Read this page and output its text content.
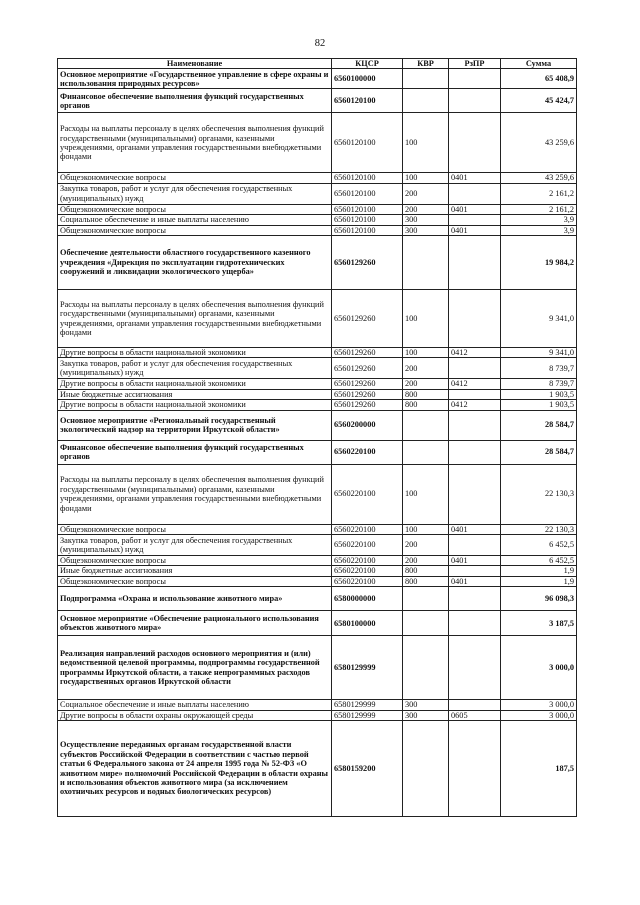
82
Наименование	КЦСР	КВР	РзПР	Сумма
Основное мероприятие «Государственное управление в сфере охраны и использования природных ресурсов»	6560100000			65 408,9
Финансовое обеспечение выполнения функций государственных органов	6560120100			45 424,7
Расходы на выплаты персоналу в целях обеспечения выполнения функций государственными (муниципальными) органами, казенными учреждениями, органами управления государственными внебюджетными фондами	6560120100	100		43 259,6
Общеэкономические вопросы	6560120100	100	0401	43 259,6
Закупка товаров, работ и услуг для обеспечения государственных (муниципальных) нужд	6560120100	200		2 161,2
Общеэкономические вопросы	6560120100	200	0401	2 161,2
Социальное обеспечение и иные выплаты населению	6560120100	300		3,9
Общеэкономические вопросы	6560120100	300	0401	3,9
Обеспечение деятельности областного государственного казенного учреждения «Дирекция по эксплуатации гидротехнических сооружений и ликвидации экологического ущерба»	6560129260			19 984,2
Расходы на выплаты персоналу в целях обеспечения выполнения функций государственными (муниципальными) органами, казенными учреждениями, органами управления государственными внебюджетными фондами	6560129260	100		9 341,0
Другие вопросы в области национальной экономики	6560129260	100	0412	9 341,0
Закупка товаров, работ и услуг для обеспечения государственных (муниципальных) нужд	6560129260	200		8 739,7
Другие вопросы в области национальной экономики	6560129260	200	0412	8 739,7
Иные бюджетные ассигнования	6560129260	800		1 903,5
Другие вопросы в области национальной экономики	6560129260	800	0412	1 903,5
Основное мероприятие «Региональный государственный экологический надзор на территории Иркутской области»	6560200000			28 584,7
Финансовое обеспечение выполнения функций государственных органов	6560220100			28 584,7
Расходы на выплаты персоналу в целях обеспечения выполнения функций государственными (муниципальными) органами, казенными учреждениями, органами управления государственными внебюджетными фондами	6560220100	100		22 130,3
Общеэкономические вопросы	6560220100	100	0401	22 130,3
Закупка товаров, работ и услуг для обеспечения государственных (муниципальных) нужд	6560220100	200		6 452,5
Общеэкономические вопросы	6560220100	200	0401	6 452,5
Иные бюджетные ассигнования	6560220100	800		1,9
Общеэкономические вопросы	6560220100	800	0401	1,9
Подпрограмма «Охрана и использование животного мира»	6580000000			96 098,3
Основное мероприятие «Обеспечение рационального использования объектов животного мира»	6580100000			3 187,5
Реализация направлений расходов основного мероприятия и (или) ведомственной целевой программы, подпрограммы государственной программы Иркутской области, а также непрограммных расходов государственных органов Иркутской области	6580129999			3 000,0
Социальное обеспечение и иные выплаты населению	6580129999	300		3 000,0
Другие вопросы в области охраны окружающей среды	6580129999	300	0605	3 000,0
Осуществление переданных органам государственной власти субъектов Российской Федерации в соответствии с частью первой статьи 6 Федерального закона от 24 апреля 1995 года № 52-ФЗ «О животном мире» полномочий Российской Федерации в области охраны и использования объектов животного мира (за исключением охотничьих ресурсов и водных биологических ресурсов)	6580159200			187,5
